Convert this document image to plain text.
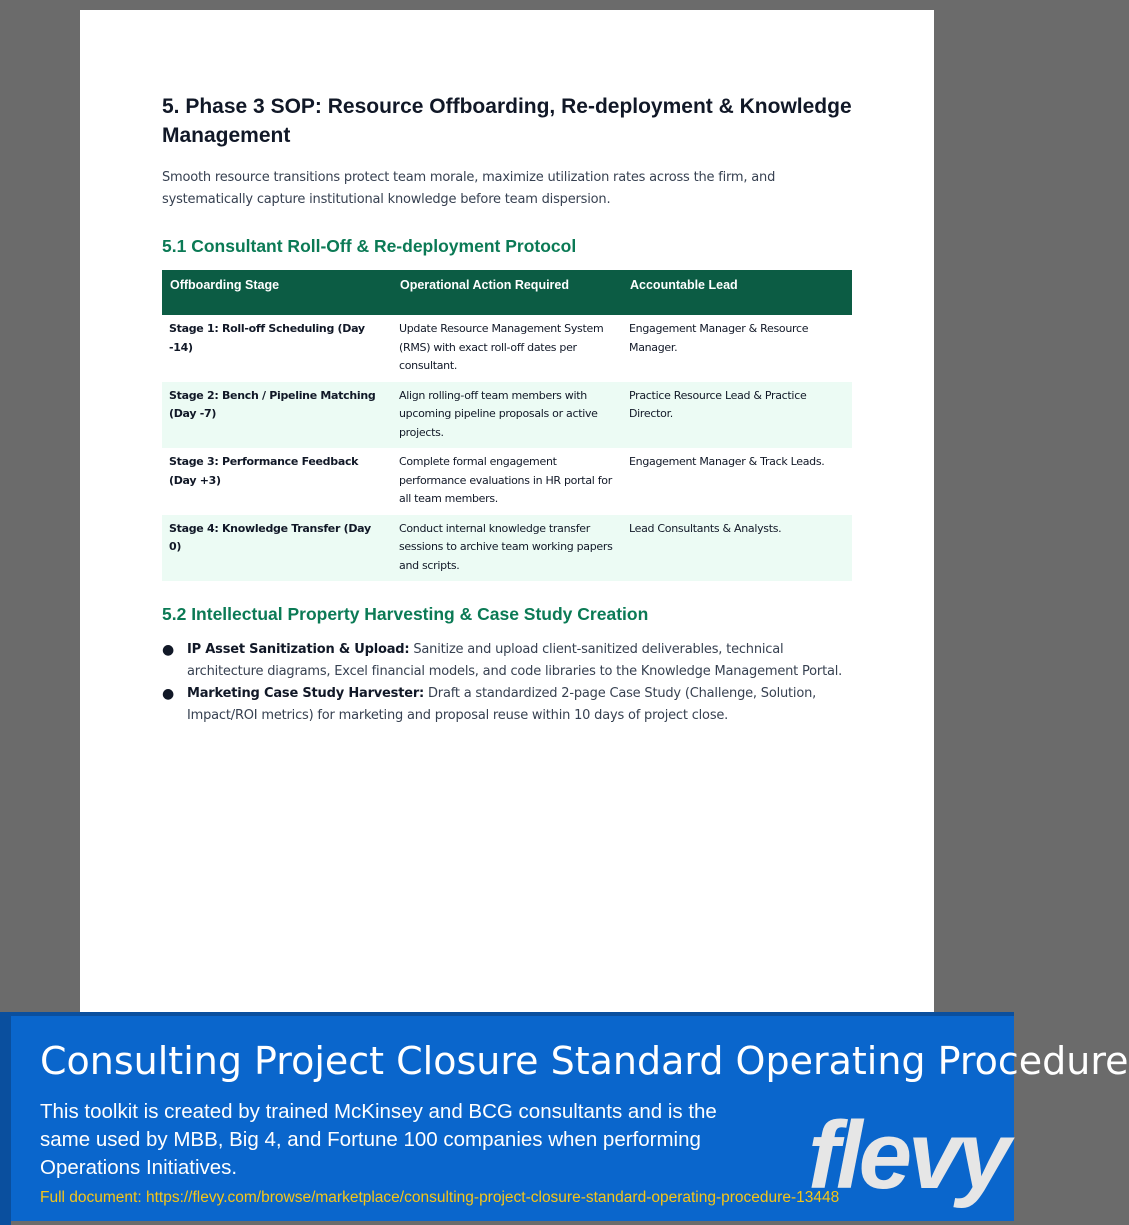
5. Phase 3 SOP: Resource Offboarding, Re-deployment & Knowledge Management

Smooth resource transitions protect team morale, maximize utilization rates across the firm, and systematically capture institutional knowledge before team dispersion.

5.1 Consultant Roll-Off & Re-deployment Protocol
Offboarding Stage	Operational Action Required	Accountable Lead
Stage 1: Roll-off Scheduling (Day -14)	Update Resource Management System (RMS) with exact roll-off dates per consultant.	Engagement Manager & Resource Manager.
Stage 2: Bench / Pipeline Matching (Day -7)	Align rolling-off team members with upcoming pipeline proposals or active projects.	Practice Resource Lead & Practice Director.
Stage 3: Performance Feedback (Day +3)	Complete formal engagement performance evaluations in HR portal for all team members.	Engagement Manager & Track Leads.
Stage 4: Knowledge Transfer (Day 0)	Conduct internal knowledge transfer sessions to archive team working papers and scripts.	Lead Consultants & Analysts.
5.2 Intellectual Property Harvesting & Case Study Creation
● IP Asset Sanitization & Upload: Sanitize and upload client-sanitized deliverables, technical architecture diagrams, Excel financial models, and code libraries to the Knowledge Management Portal.
● Marketing Case Study Harvester: Draft a standardized 2-page Case Study (Challenge, Solution, Impact/ROI metrics) for marketing and proposal reuse within 10 days of project close.
Consulting Project Closure Standard Operating Procedure
This toolkit is created by trained McKinsey and BCG consultants and is the same used by MBB, Big 4, and Fortune 100 companies when performing Operations Initiatives.	flevy
Full document: https://flevy.com/browse/marketplace/consulting-project-closure-standard-operating-procedure-13448
